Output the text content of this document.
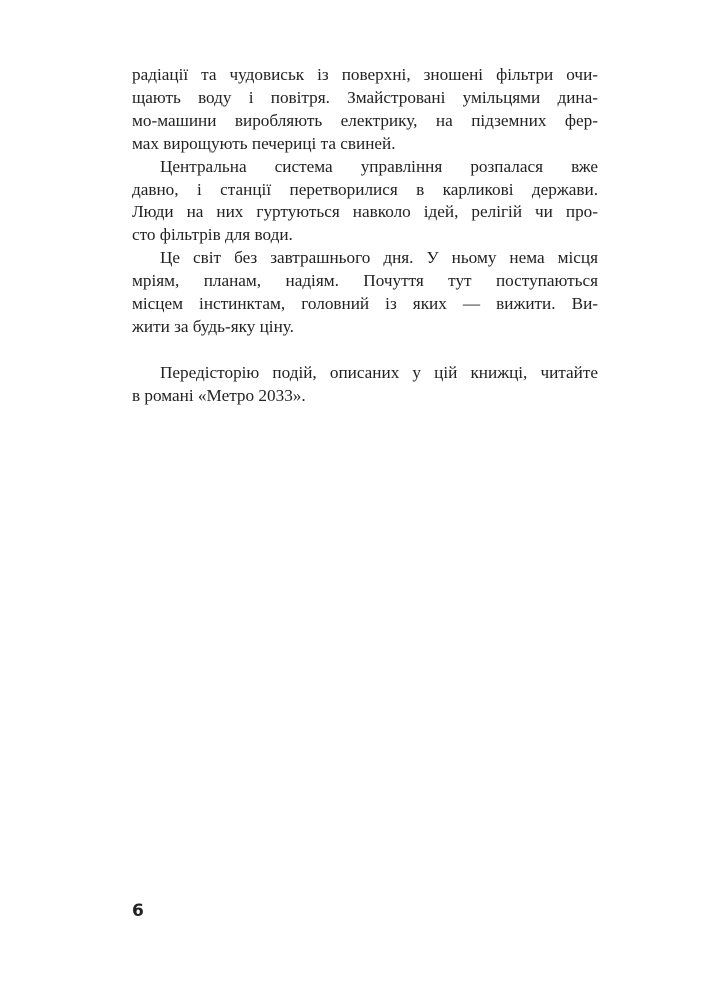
радіації та чудовиськ із поверхні, зношені фільтри очи-
щають воду і повітря. Змайстровані умільцями дина-
мо-машини виробляють електрику, на підземних фер-
мах вирощують печериці та свиней.

Центральна система управління розпалася вже
давно, і станції перетворилися в карликові держави.
Люди на них гуртуються навколо ідей, релігій чи про-
сто фільтрів для води.

Це світ без завтрашнього дня. У ньому нема місця
мріям, планам, надіям. Почуття тут поступаються
місцем інстинктам, головний із яких — вижити. Ви-
жити за будь-яку ціну.

Передісторію подій, описаних у цій книжці, читайте
в романі «Метро 2033».

6
